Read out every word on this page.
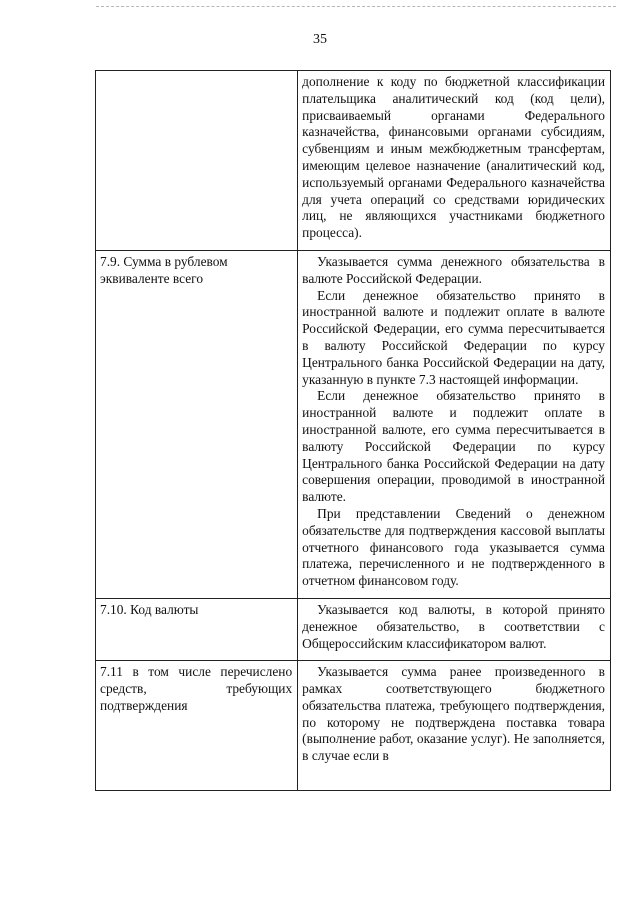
35

	дополнение к коду по бюджетной классификации плательщика аналитический код (код цели), присваиваемый органами Федерального казначейства, финансовыми органами субсидиям, субвенциям и иным межбюджетным трансфертам, имеющим целевое назначение (аналитический код, используемый органами Федерального казначейства для учета операций со средствами юридических лиц, не являющихся участниками бюджетного процесса).

7.9. Сумма в рублевом эквиваленте всего	Указывается сумма денежного обязательства в валюте Российской Федерации.

Если денежное обязательство принято в иностранной валюте и подлежит оплате в валюте Российской Федерации, его сумма пересчитывается в валюту Российской Федерации по курсу Центрального банка Российской Федерации на дату, указанную в пункте 7.3 настоящей информации.

Если денежное обязательство принято в иностранной валюте и подлежит оплате в иностранной валюте, его сумма пересчитывается в валюту Российской Федерации по курсу Центрального банка Российской Федерации на дату совершения операции, проводимой в иностранной валюте.

При представлении Сведений о денежном обязательстве для подтверждения кассовой выплаты отчетного финансового года указывается сумма платежа, перечисленного и не подтвержденного в отчетном финансовом году.

7.10. Код валюты	Указывается код валюты, в которой принято денежное обязательство, в соответствии с Общероссийским классификатором валют.

7.11 в том числе перечислено средств, требующих подтверждения	Указывается сумма ранее произведенного в рамках соответствующего бюджетного обязательства платежа, требующего подтверждения, по которому не подтверждена поставка товара (выполнение работ, оказание услуг). Не заполняется, в случае если в
